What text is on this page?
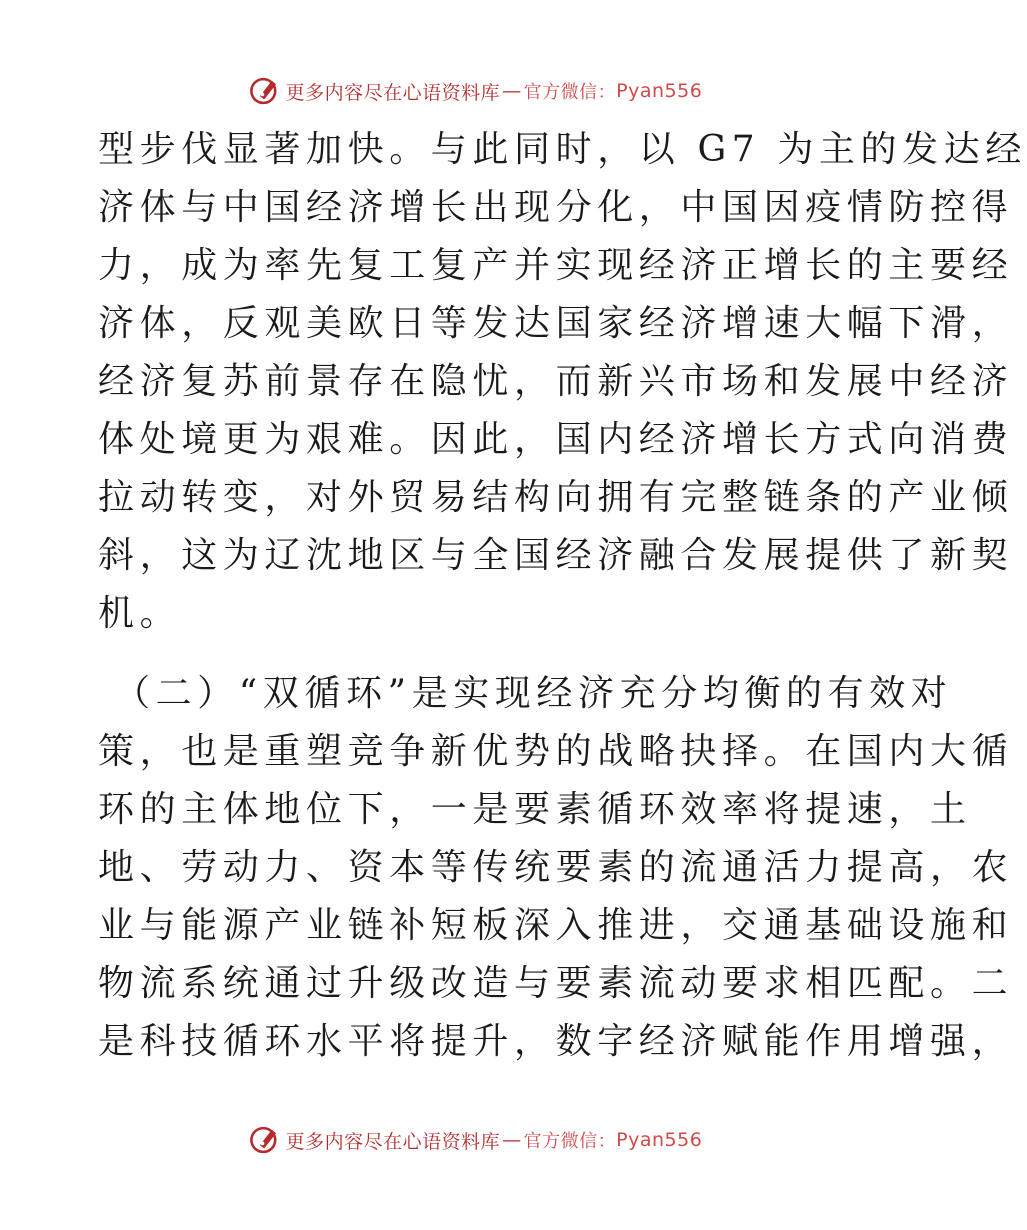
更多内容尽在心语资料库 — 官方微信： Pyan556
型步伐显著加快。与此同时，以 G7 为主的发达经
济体与中国经济增长出现分化，中国因疫情防控得
力，成为率先复工复产并实现经济正增长的主要经
济体，反观美欧日等发达国家经济增速大幅下滑，
经济复苏前景存在隐忧，而新兴市场和发展中经济
体处境更为艰难。因此，国内经济增长方式向消费
拉动转变，对外贸易结构向拥有完整链条的产业倾
斜，这为辽沈地区与全国经济融合发展提供了新契
机。
（二）“双循环”是实现经济充分均衡的有效对
策，也是重塑竞争新优势的战略抉择。在国内大循
环的主体地位下，一是要素循环效率将提速，土
地、劳动力、资本等传统要素的流通活力提高，农
业与能源产业链补短板深入推进，交通基础设施和
物流系统通过升级改造与要素流动要求相匹配。二
是科技循环水平将提升，数字经济赋能作用增强，
更多内容尽在心语资料库 — 官方微信： Pyan556
